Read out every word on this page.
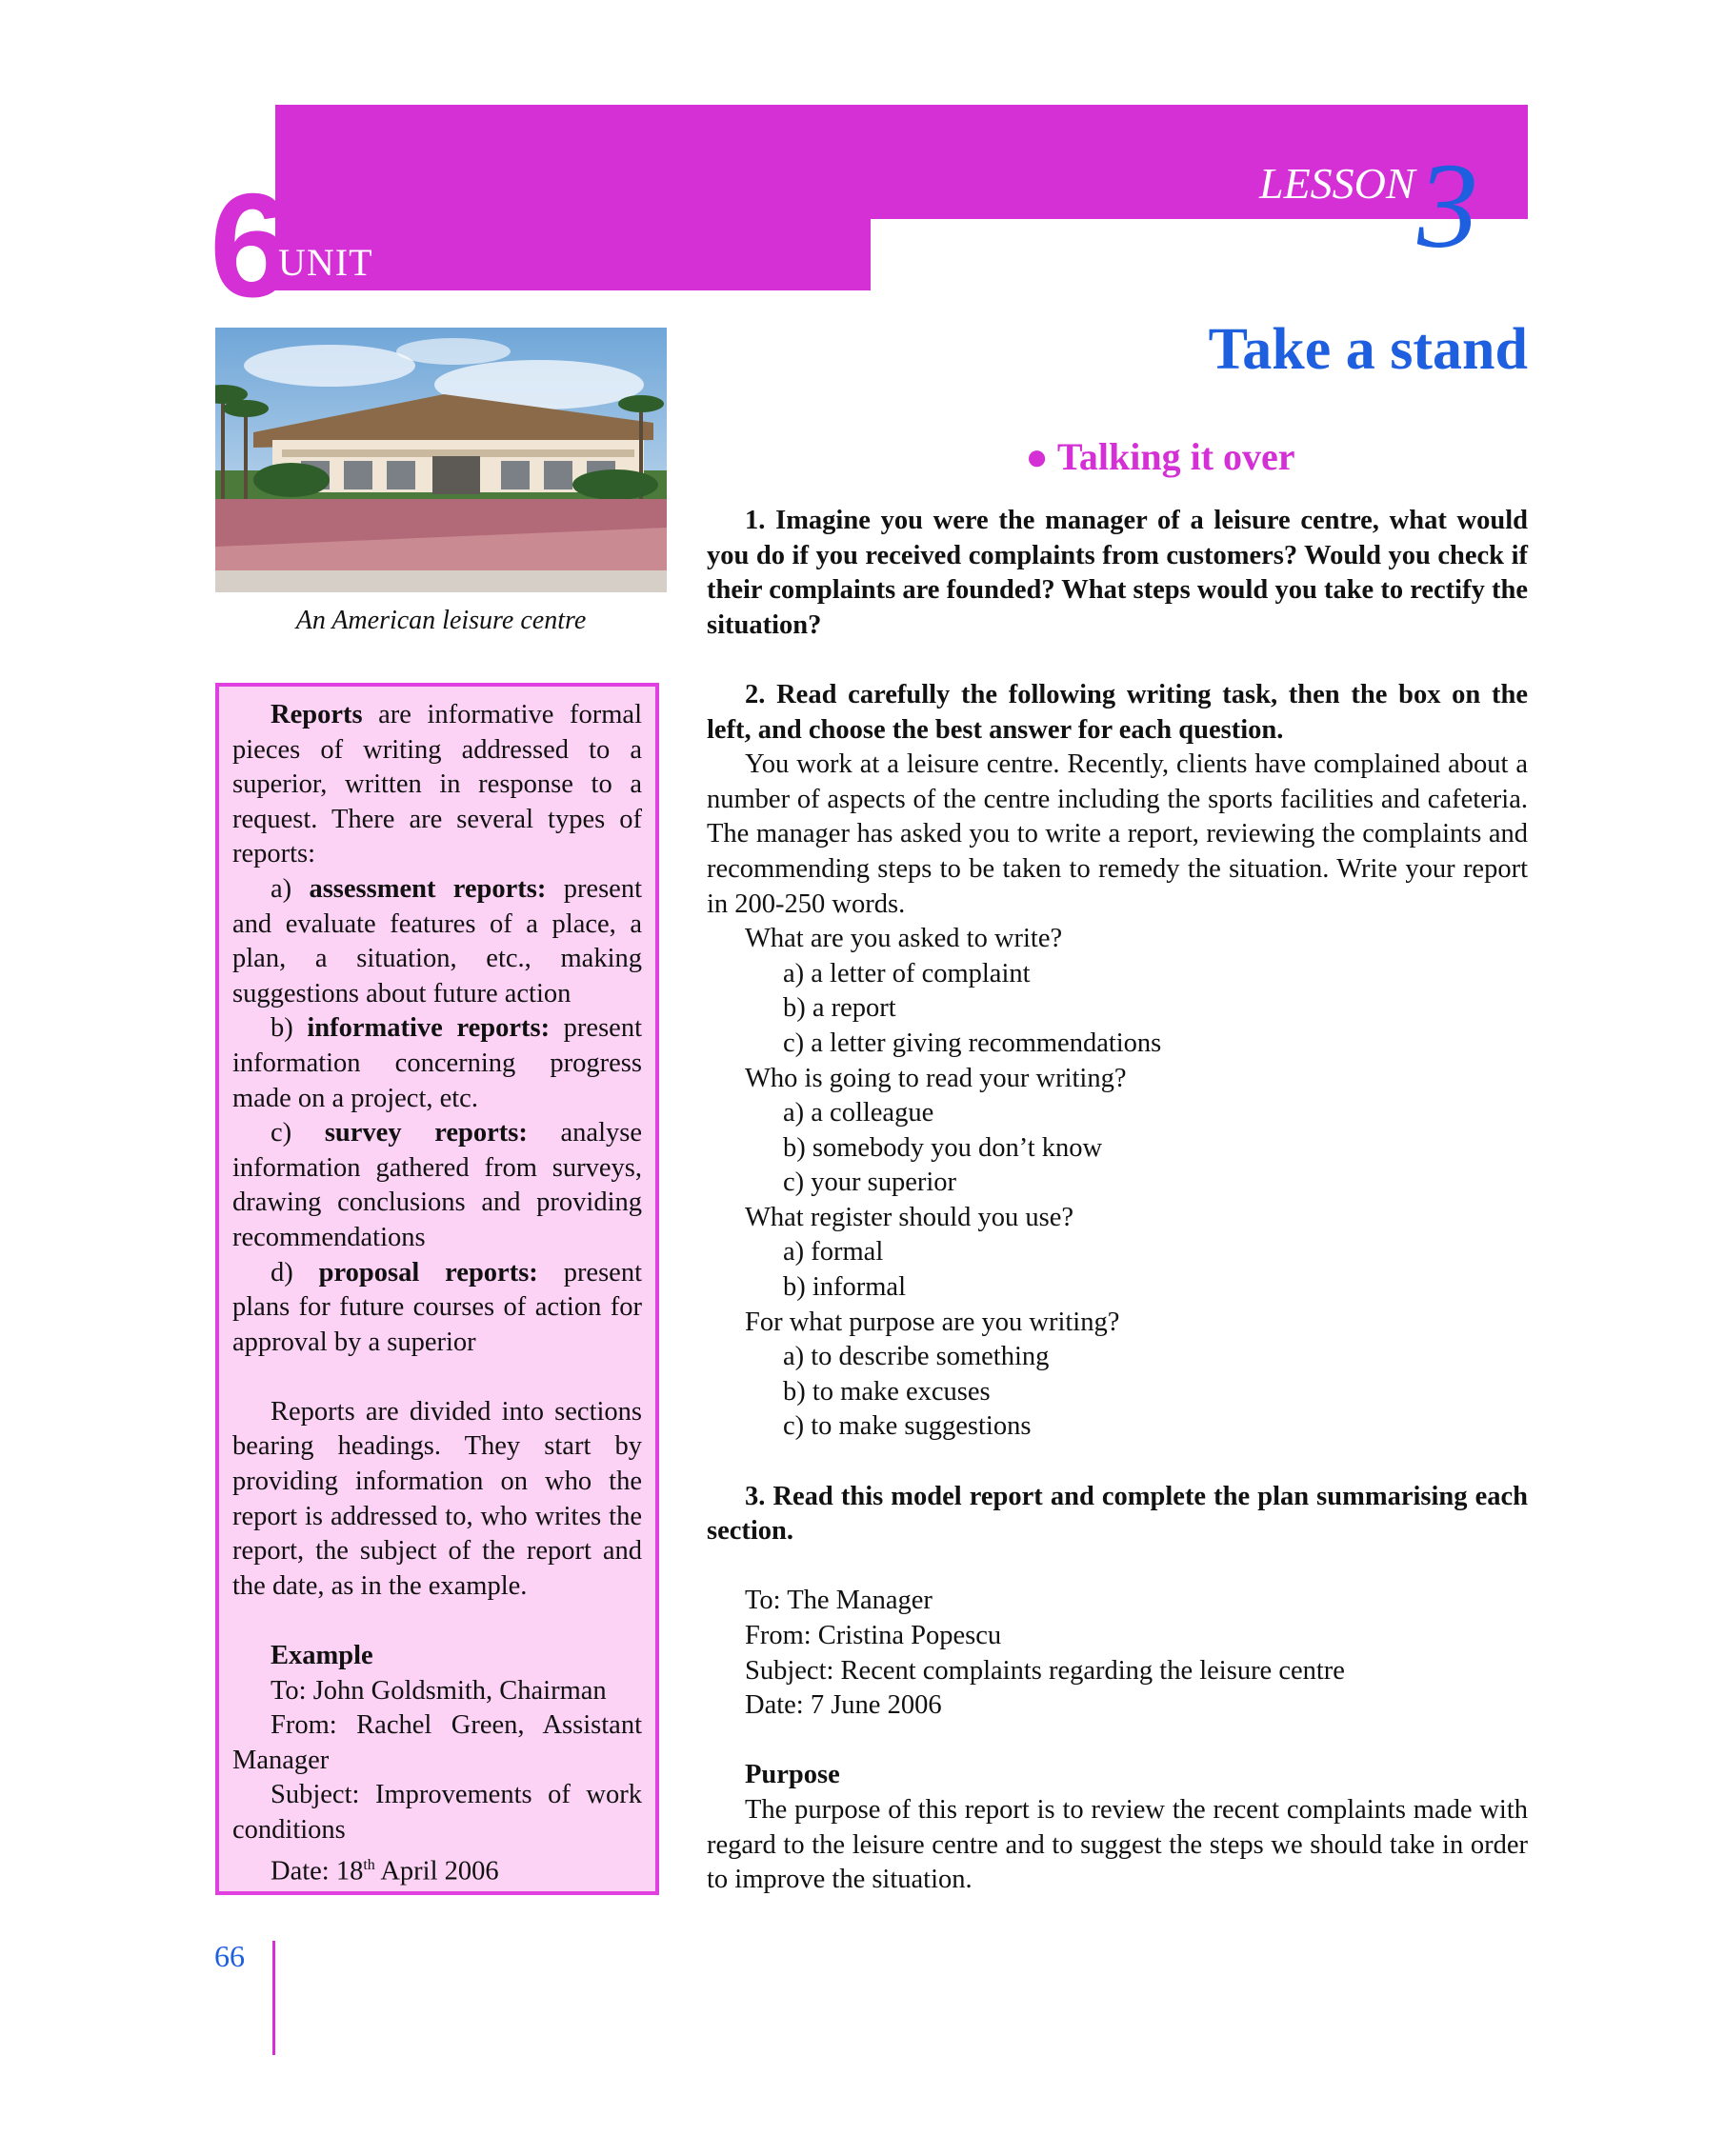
6
UNIT
LESSON 3
Take a stand
An American leisure centre

Reports are informative formal pieces of writing addressed to a superior, written in response to a request. There are several types of reports:

a) assessment reports: present and evaluate features of a place, a plan, a situation, etc., making suggestions about future action

b) informative reports: present information concerning progress made on a project, etc.

c) survey reports: analyse information gathered from surveys, drawing conclusions and providing recommendations

d) proposal reports: present plans for future courses of action for approval by a superior

Reports are divided into sections bearing headings. They start by providing information on who the report is addressed to, who writes the report, the subject of the report and the date, as in the example.

Example

To: John Goldsmith, Chairman

From: Rachel Green, Assistant Manager

Subject: Improvements of work conditions

Date: 18th April 2006

● Talking it over

1. Imagine you were the manager of a leisure centre, what would you do if you received complaints from customers? Would you check if their complaints are founded? What steps would you take to rectify the situation?

2. Read carefully the following writing task, then the box on the left, and choose the best answer for each question.

You work at a leisure centre. Recently, clients have complained about a number of aspects of the centre including the sports facilities and cafeteria. The manager has asked you to write a report, reviewing the complaints and recommending steps to be taken to remedy the situation. Write your report in 200-250 words.

What are you asked to write?

a) a letter of complaint

b) a report

c) a letter giving recommendations

Who is going to read your writing?

a) a colleague

b) somebody you don’t know

c) your superior

What register should you use?

a) formal

b) informal

For what purpose are you writing?

a) to describe something

b) to make excuses

c) to make suggestions

3. Read this model report and complete the plan summarising each section.

To: The Manager

From: Cristina Popescu

Subject: Recent complaints regarding the leisure centre

Date: 7 June 2006

Purpose

The purpose of this report is to review the recent complaints made with regard to the leisure centre and to suggest the steps we should take in order to improve the situation.

66
